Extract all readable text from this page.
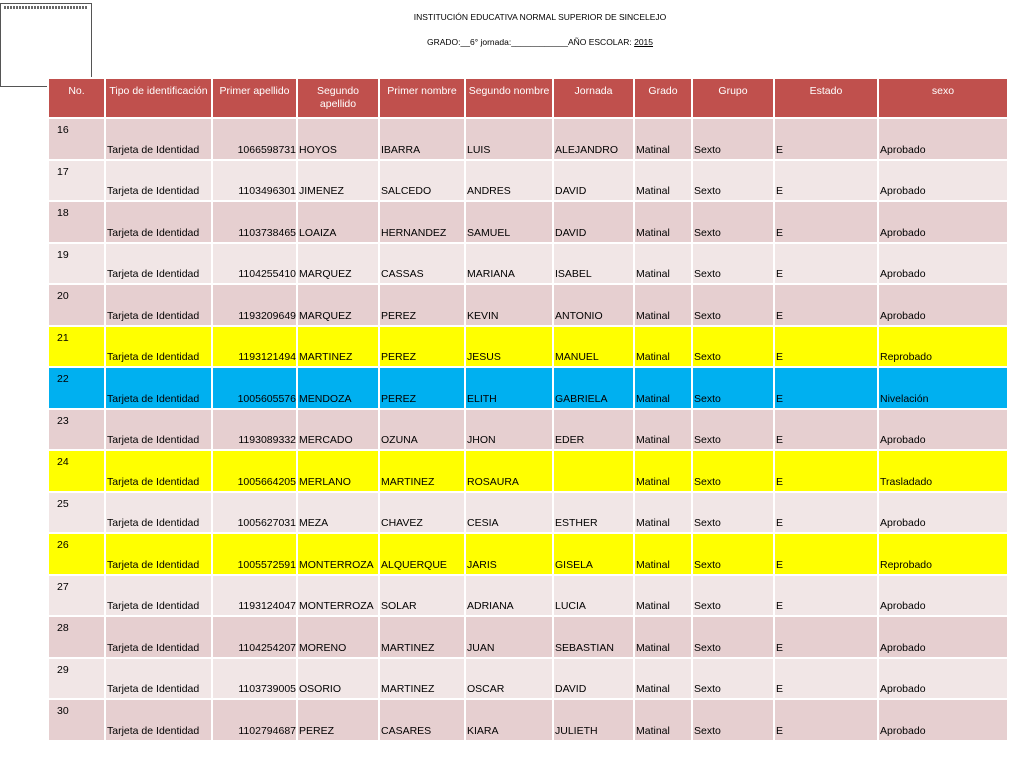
INSTITUCIÓN EDUCATIVA NORMAL SUPERIOR DE SINCELEJO
GRADO:__6° jornada:____________AÑO ESCOLAR: 2015
No.	Tipo de identificación	Primer apellido	Segundo apellido	Primer nombre	Segundo nombre	Jornada	Grado	Grupo	Estado	sexo

16	Tarjeta de Identidad	1066598731	HOYOS	IBARRA	LUIS	ALEJANDRO	Matinal	Sexto	E	Aprobado

17	Tarjeta de Identidad	1103496301	JIMENEZ	SALCEDO	ANDRES	DAVID	Matinal	Sexto	E	Aprobado

18	Tarjeta de Identidad	1103738465	LOAIZA	HERNANDEZ	SAMUEL	DAVID	Matinal	Sexto	E	Aprobado

19	Tarjeta de Identidad	1104255410	MARQUEZ	CASSAS	MARIANA	ISABEL	Matinal	Sexto	E	Aprobado

20	Tarjeta de Identidad	1193209649	MARQUEZ	PEREZ	KEVIN	ANTONIO	Matinal	Sexto	E	Aprobado

21	Tarjeta de Identidad	1193121494	MARTINEZ	PEREZ	JESUS	MANUEL	Matinal	Sexto	E	Reprobado

22	Tarjeta de Identidad	1005605576	MENDOZA	PEREZ	ELITH	GABRIELA	Matinal	Sexto	E	Nivelación

23	Tarjeta de Identidad	1193089332	MERCADO	OZUNA	JHON	EDER	Matinal	Sexto	E	Aprobado

24	Tarjeta de Identidad	1005664205	MERLANO	MARTINEZ	ROSAURA		Matinal	Sexto	E	Trasladado

25	Tarjeta de Identidad	1005627031	MEZA	CHAVEZ	CESIA	ESTHER	Matinal	Sexto	E	Aprobado

26	Tarjeta de Identidad	1005572591	MONTERROZA	ALQUERQUE	JARIS	GISELA	Matinal	Sexto	E	Reprobado

27	Tarjeta de Identidad	1193124047	MONTERROZA	SOLAR	ADRIANA	LUCIA	Matinal	Sexto	E	Aprobado

28	Tarjeta de Identidad	1104254207	MORENO	MARTINEZ	JUAN	SEBASTIAN	Matinal	Sexto	E	Aprobado

29	Tarjeta de Identidad	1103739005	OSORIO	MARTINEZ	OSCAR	DAVID	Matinal	Sexto	E	Aprobado

30	Tarjeta de Identidad	1102794687	PEREZ	CASARES	KIARA	JULIETH	Matinal	Sexto	E	Aprobado
